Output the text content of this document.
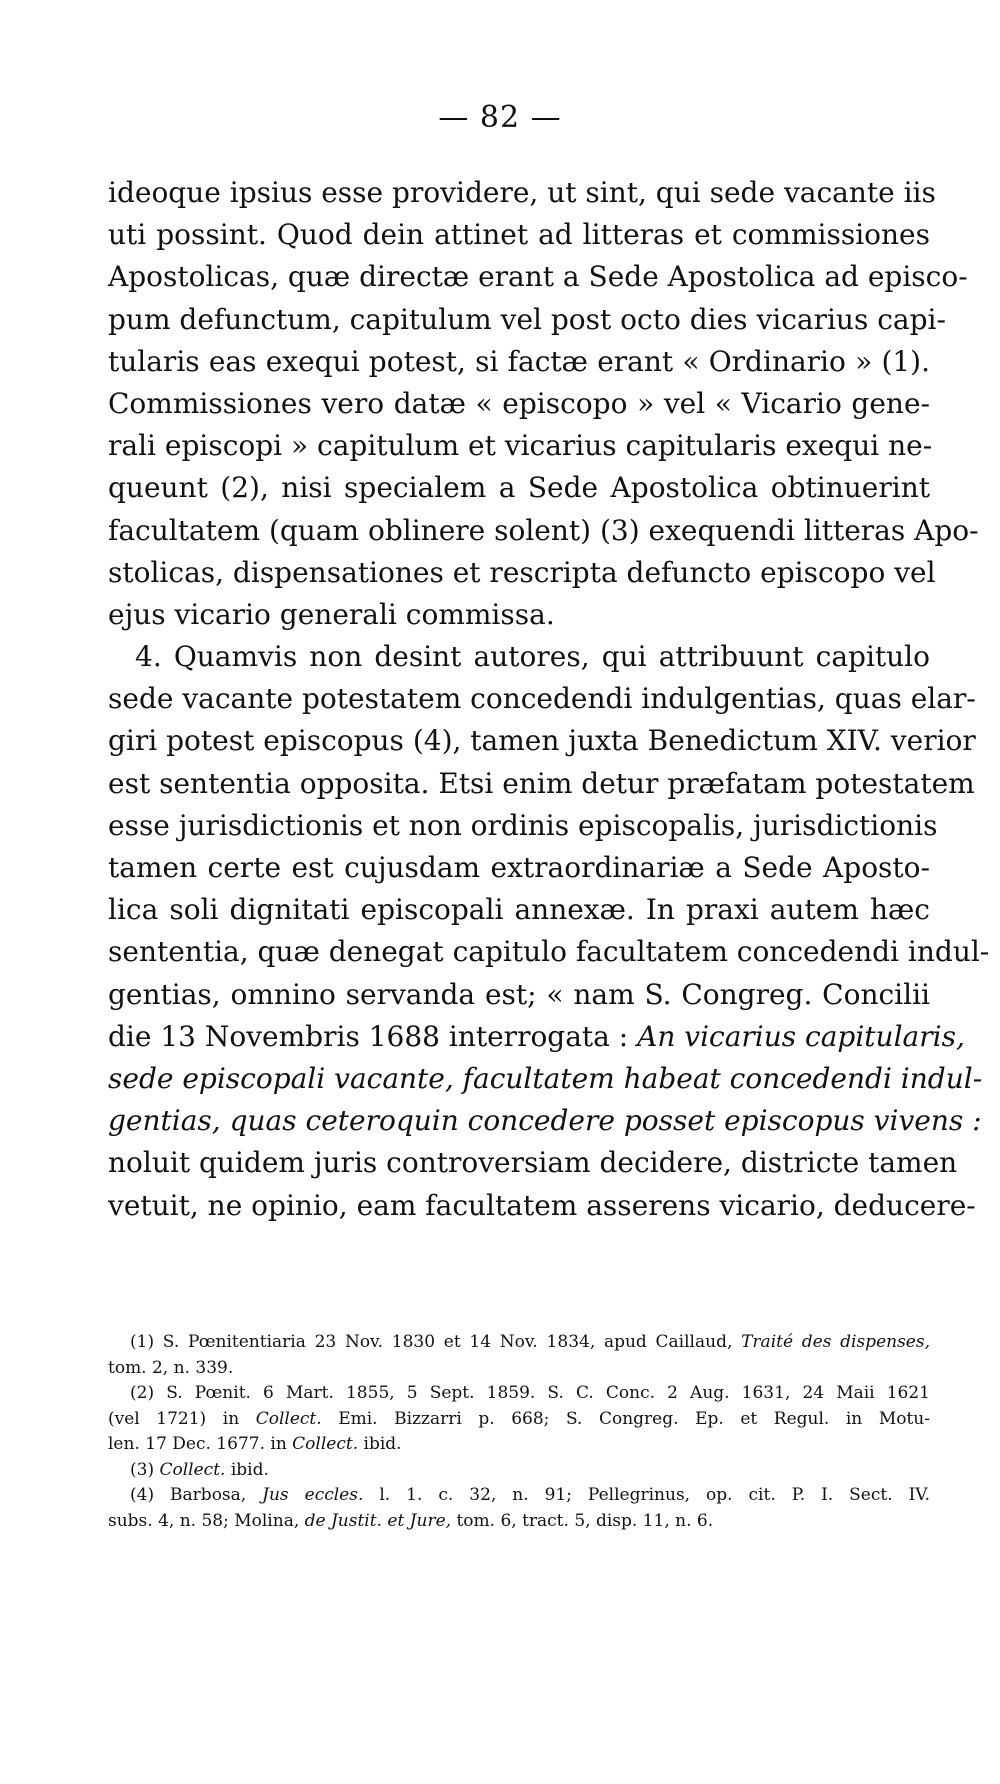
— 82 —
ideoque ipsius esse providere, ut sint, qui sede vacante iis
uti possint. Quod dein attinet ad litteras et commissiones
Apostolicas, quæ directæ erant a Sede Apostolica ad episco-
pum defunctum, capitulum vel post octo dies vicarius capi-
tularis eas exequi potest, si factæ erant « Ordinario » (1).
Commissiones vero datæ « episcopo » vel « Vicario gene-
rali episcopi » capitulum et vicarius capitularis exequi ne-
queunt (2), nisi specialem a Sede Apostolica obtinuerint
facultatem (quam oblinere solent) (3) exequendi litteras Apo-
stolicas, dispensationes et rescripta defuncto episcopo vel
ejus vicario generali commissa.
4. Quamvis non desint autores, qui attribuunt capitulo
sede vacante potestatem concedendi indulgentias, quas elar-
giri potest episcopus (4), tamen juxta Benedictum XIV. verior
est sententia opposita. Etsi enim detur præfatam potestatem
esse jurisdictionis et non ordinis episcopalis, jurisdictionis
tamen certe est cujusdam extraordinariæ a Sede Aposto-
lica soli dignitati episcopali annexæ. In praxi autem hæc
sententia, quæ denegat capitulo facultatem concedendi indul-
gentias, omnino servanda est; « nam S. Congreg. Concilii
die 13 Novembris 1688 interrogata : An vicarius capitularis,
sede episcopali vacante, facultatem habeat concedendi indul-
gentias, quas ceteroquin concedere posset episcopus vivens :
noluit quidem juris controversiam decidere, districte tamen
vetuit, ne opinio, eam facultatem asserens vicario, deducere-
(1) S. Pœnitentiaria 23 Nov. 1830 et 14 Nov. 1834, apud Caillaud, Traité des dispenses,
tom. 2, n. 339.
(2) S. Pœnit. 6 Mart. 1855, 5 Sept. 1859. S. C. Conc. 2 Aug. 1631, 24 Maii 1621
(vel 1721) in Collect. Emi. Bizzarri p. 668; S. Congreg. Ep. et Regul. in Motu-
len. 17 Dec. 1677. in Collect. ibid.
(3) Collect. ibid.
(4) Barbosa, Jus eccles. l. 1. c. 32, n. 91; Pellegrinus, op. cit. P. I. Sect. IV.
subs. 4, n. 58; Molina, de Justit. et Jure, tom. 6, tract. 5, disp. 11, n. 6.
